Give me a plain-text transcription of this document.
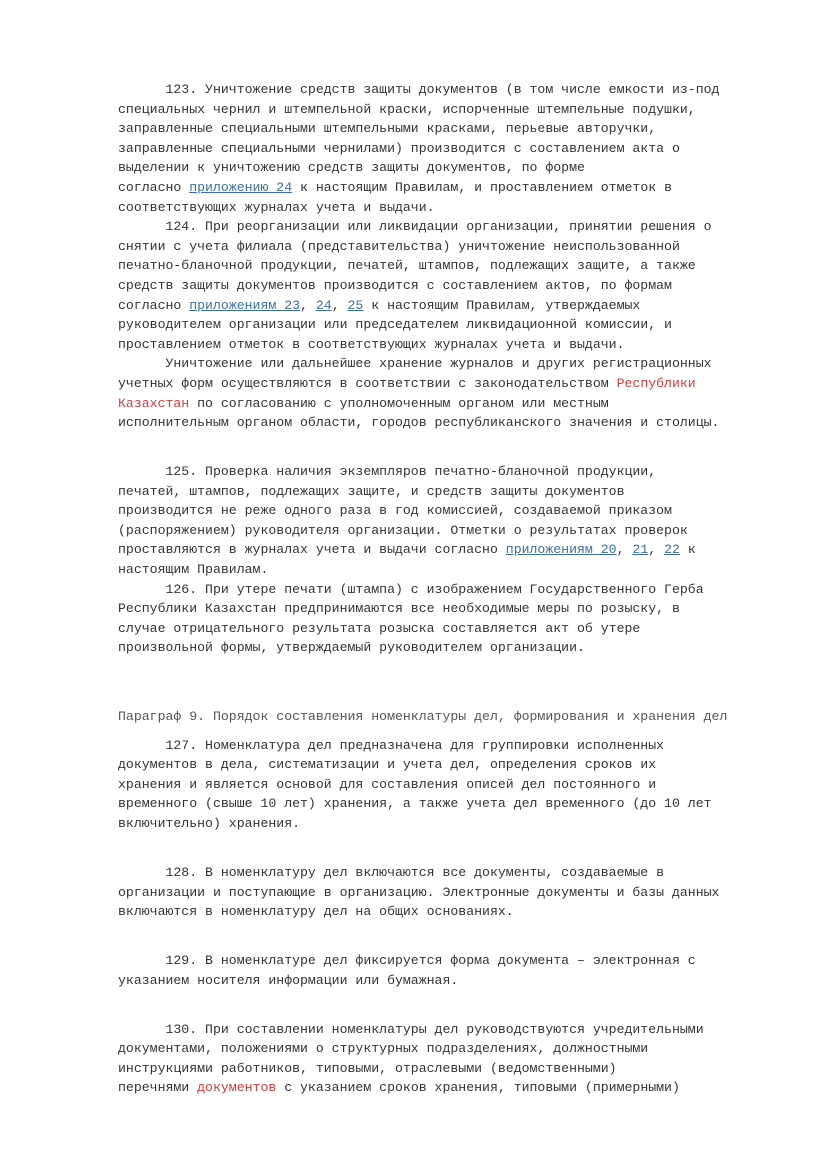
123. Уничтожение средств защиты документов (в том числе емкости из-под

специальных чернил и штемпельной краски, испорченные штемпельные подушки,

заправленные специальными штемпельными красками, перьевые авторучки,

заправленные специальными чернилами) производится с составлением акта о

выделении к уничтожению средств защиты документов, по форме

согласно приложению 24 к настоящим Правилам, и проставлением отметок в

соответствующих журналах учета и выдачи.

124. При реорганизации или ликвидации организации, принятии решения о

снятии с учета филиала (представительства) уничтожение неиспользованной

печатно-бланочной продукции, печатей, штампов, подлежащих защите, а также

средств защиты документов производится с составлением актов, по формам

согласно приложениям 23, 24, 25 к настоящим Правилам, утверждаемых

руководителем организации или председателем ликвидационной комиссии, и

проставлением отметок в соответствующих журналах учета и выдачи.

Уничтожение или дальнейшее хранение журналов и других регистрационных

учетных форм осуществляются в соответствии с законодательством Республики

Казахстан по согласованию с уполномоченным органом или местным

исполнительным органом области, городов республиканского значения и столицы.

125. Проверка наличия экземпляров печатно-бланочной продукции,

печатей, штампов, подлежащих защите, и средств защиты документов

производится не реже одного раза в год комиссией, создаваемой приказом

(распоряжением) руководителя организации. Отметки о результатах проверок

проставляются в журналах учета и выдачи согласно приложениям 20, 21, 22 к

настоящим Правилам.

126. При утере печати (штампа) с изображением Государственного Герба

Республики Казахстан предпринимаются все необходимые меры по розыску, в

случае отрицательного результата розыска составляется акт об утере

произвольной формы, утверждаемый руководителем организации.

Параграф 9. Порядок составления номенклатуры дел, формирования и хранения дел

127. Номенклатура дел предназначена для группировки исполненных

документов в дела, систематизации и учета дел, определения сроков их

хранения и является основой для составления описей дел постоянного и

временного (свыше 10 лет) хранения, а также учета дел временного (до 10 лет

включительно) хранения.

128. В номенклатуру дел включаются все документы, создаваемые в

организации и поступающие в организацию. Электронные документы и базы данных

включаются в номенклатуру дел на общих основаниях.

129. В номенклатуре дел фиксируется форма документа – электронная с

указанием носителя информации или бумажная.

130. При составлении номенклатуры дел руководствуются учредительными

документами, положениями о структурных подразделениях, должностными

инструкциями работников, типовыми, отраслевыми (ведомственными)

перечнями документов с указанием сроков хранения, типовыми (примерными)
